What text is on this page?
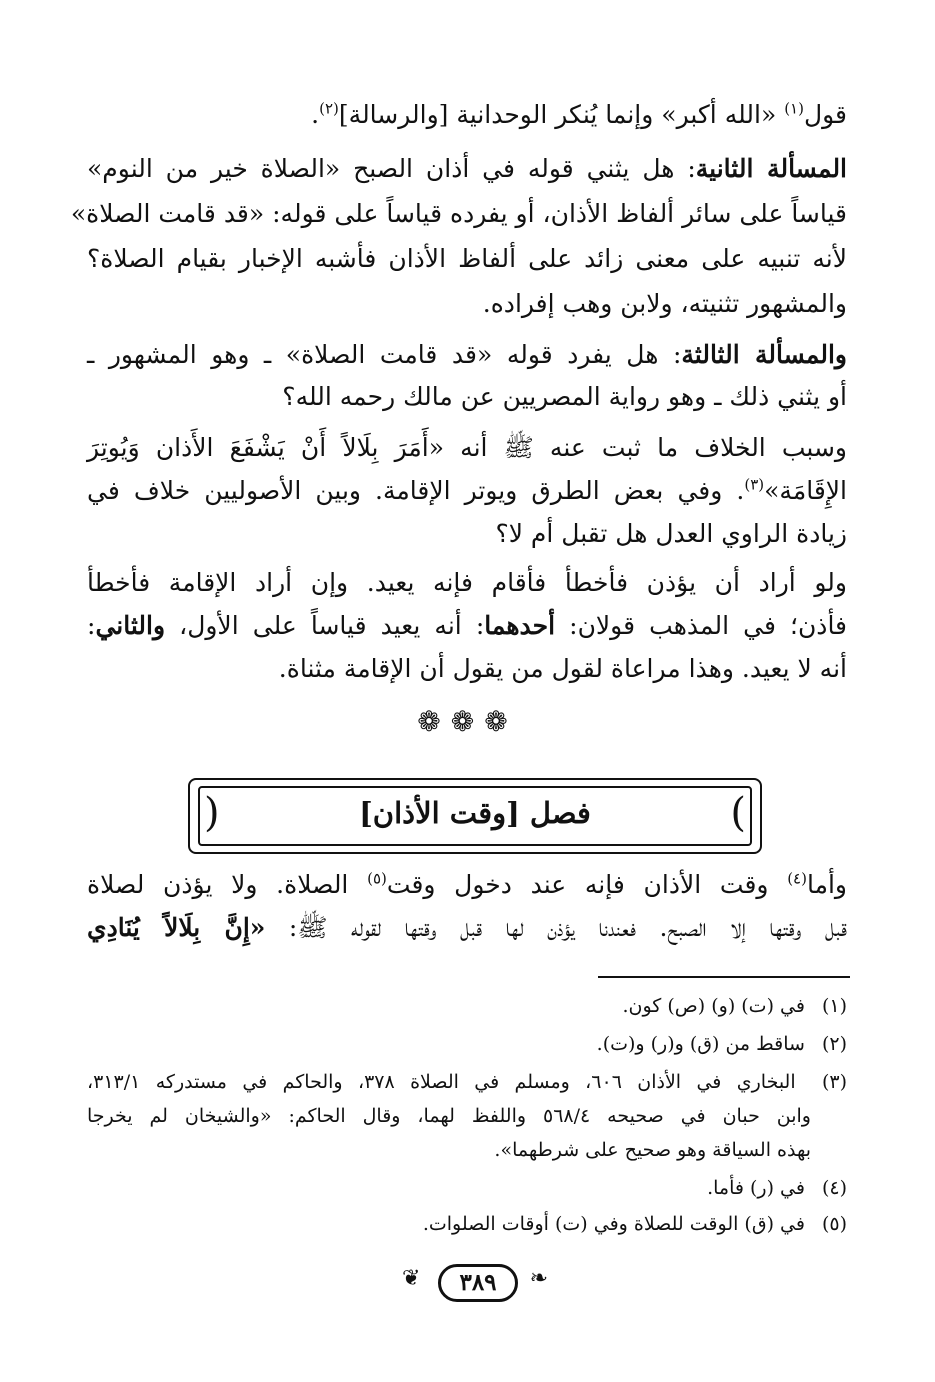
قول$^{(١)}$ «الله أكبر» وإنما يُنكر الوحدانية [والرسالة]$^{(٢)}$.
المسألة الثانية: هل يثني قوله في أذان الصبح «الصلاة خير من النوم»
قياساً على سائر ألفاظ الأذان، أو يفرده قياساً على قوله: «قد قامت الصلاة»
لأنه تنبيه على معنى زائد على ألفاظ الأذان فأشبه الإخبار بقيام الصلاة؟
والمشهور تثنيته، ولابن وهب إفراده.
والمسألة الثالثة: هل يفرد قوله «قد قامت الصلاة» ـ وهو المشهور ـ
أو يثني ذلك ـ وهو رواية المصريين عن مالك رحمه الله؟
وسبب الخلاف ما ثبت عنه ﷺ أنه «أَمَرَ بِلَالاً أَنْ يَشْفَعَ الأَذان وَيُوتِرَ
الإِقَامَة»$^{(٣)}$. وفي بعض الطرق ويوتر الإقامة. وبين الأصوليين خلاف في
زيادة الراوي العدل هل تقبل أم لا؟
ولو أراد أن يؤذن فأخطأ فأقام فإنه يعيد. وإن أراد الإقامة فأخطأ
فأذن؛ في المذهب قولان: أحدهما: أنه يعيد قياساً على الأول، والثاني:
أنه لا يعيد. وهذا مراعاة لقول من يقول أن الإقامة مثناة.
❁❁❁
(	)
فصل [وقت الأذان]
وأما$^{(٤)}$ وقت الأذان فإنه عند دخول وقت$^{(٥)}$ الصلاة. ولا يؤذن لصلاة
قبل وقتها إلا الصبح. فعندنا يؤذن لها قبل وقتها لقوله ﷺ: «إِنَّ بِلَالاً يُنَادِي
(١) في (ت) (و) (ص) كون.
(٢) ساقط من (ق) و(ر) و(ت).
(٣) البخاري في الأذان ٦٠٦، ومسلم في الصلاة ٣٧٨، والحاكم في مستدركه ٣١٣/١،
وابن حبان في صحيحه ٥٦٨/٤ واللفظ لهما، وقال الحاكم: «والشيخان لم يخرجا
بهذه السياقة وهو صحيح على شرطهما».
(٤) في (ر) فأما.
(٥) في (ق) الوقت للصلاة وفي (ت) أوقات الصلوات.
❦	٣٨٩	❧
